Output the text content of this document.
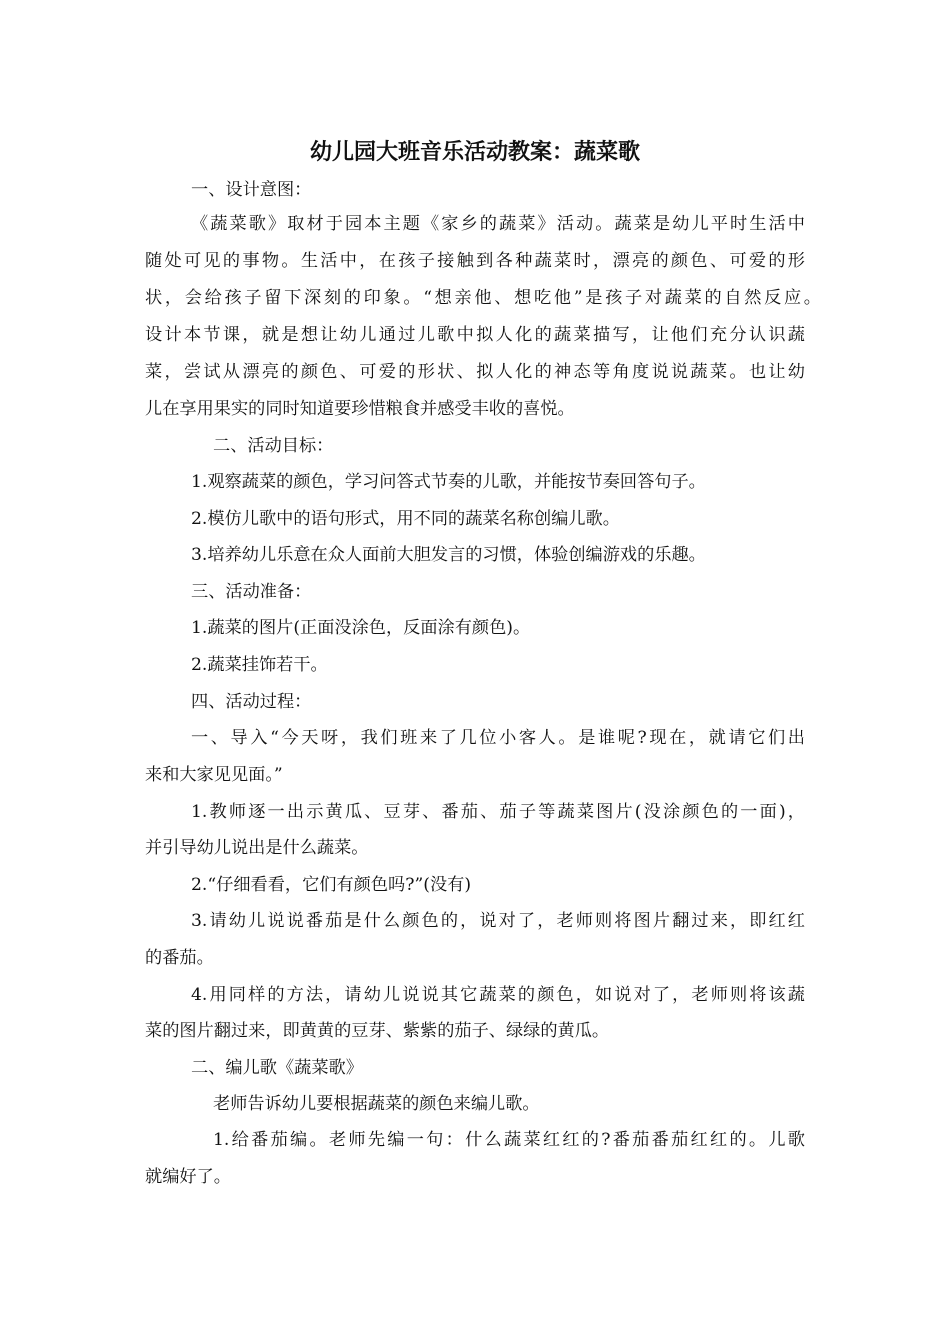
幼儿园大班音乐活动教案：蔬菜歌
一、设计意图：
《蔬菜歌》取材于园本主题《家乡的蔬菜》活动。蔬菜是幼儿平时生活中
随处可见的事物。生活中，在孩子接触到各种蔬菜时，漂亮的颜色、可爱的形
状，会给孩子留下深刻的印象。“想亲他、想吃他”是孩子对蔬菜的自然反应。
设计本节课，就是想让幼儿通过儿歌中拟人化的蔬菜描写，让他们充分认识蔬
菜，尝试从漂亮的颜色、可爱的形状、拟人化的神态等角度说说蔬菜。也让幼
儿在享用果实的同时知道要珍惜粮食并感受丰收的喜悦。
二、活动目标：
1.观察蔬菜的颜色，学习问答式节奏的儿歌，并能按节奏回答句子。
2.模仿儿歌中的语句形式，用不同的蔬菜名称创编儿歌。
3.培养幼儿乐意在众人面前大胆发言的习惯，体验创编游戏的乐趣。
三、活动准备：
1.蔬菜的图片(正面没涂色，反面涂有颜色)。
2.蔬菜挂饰若干。
四、活动过程：
一、导入“今天呀，我们班来了几位小客人。是谁呢?现在，就请它们出
来和大家见见面。”
1.教师逐一出示黄瓜、豆芽、番茄、茄子等蔬菜图片(没涂颜色的一面)，
并引导幼儿说出是什么蔬菜。
2.“仔细看看，它们有颜色吗?”(没有)
3.请幼儿说说番茄是什么颜色的，说对了，老师则将图片翻过来，即红红
的番茄。
4.用同样的方法，请幼儿说说其它蔬菜的颜色，如说对了，老师则将该蔬
菜的图片翻过来，即黄黄的豆芽、紫紫的茄子、绿绿的黄瓜。
二、编儿歌《蔬菜歌》
老师告诉幼儿要根据蔬菜的颜色来编儿歌。
1.给番茄编。老师先编一句：什么蔬菜红红的?番茄番茄红红的。儿歌
就编好了。
